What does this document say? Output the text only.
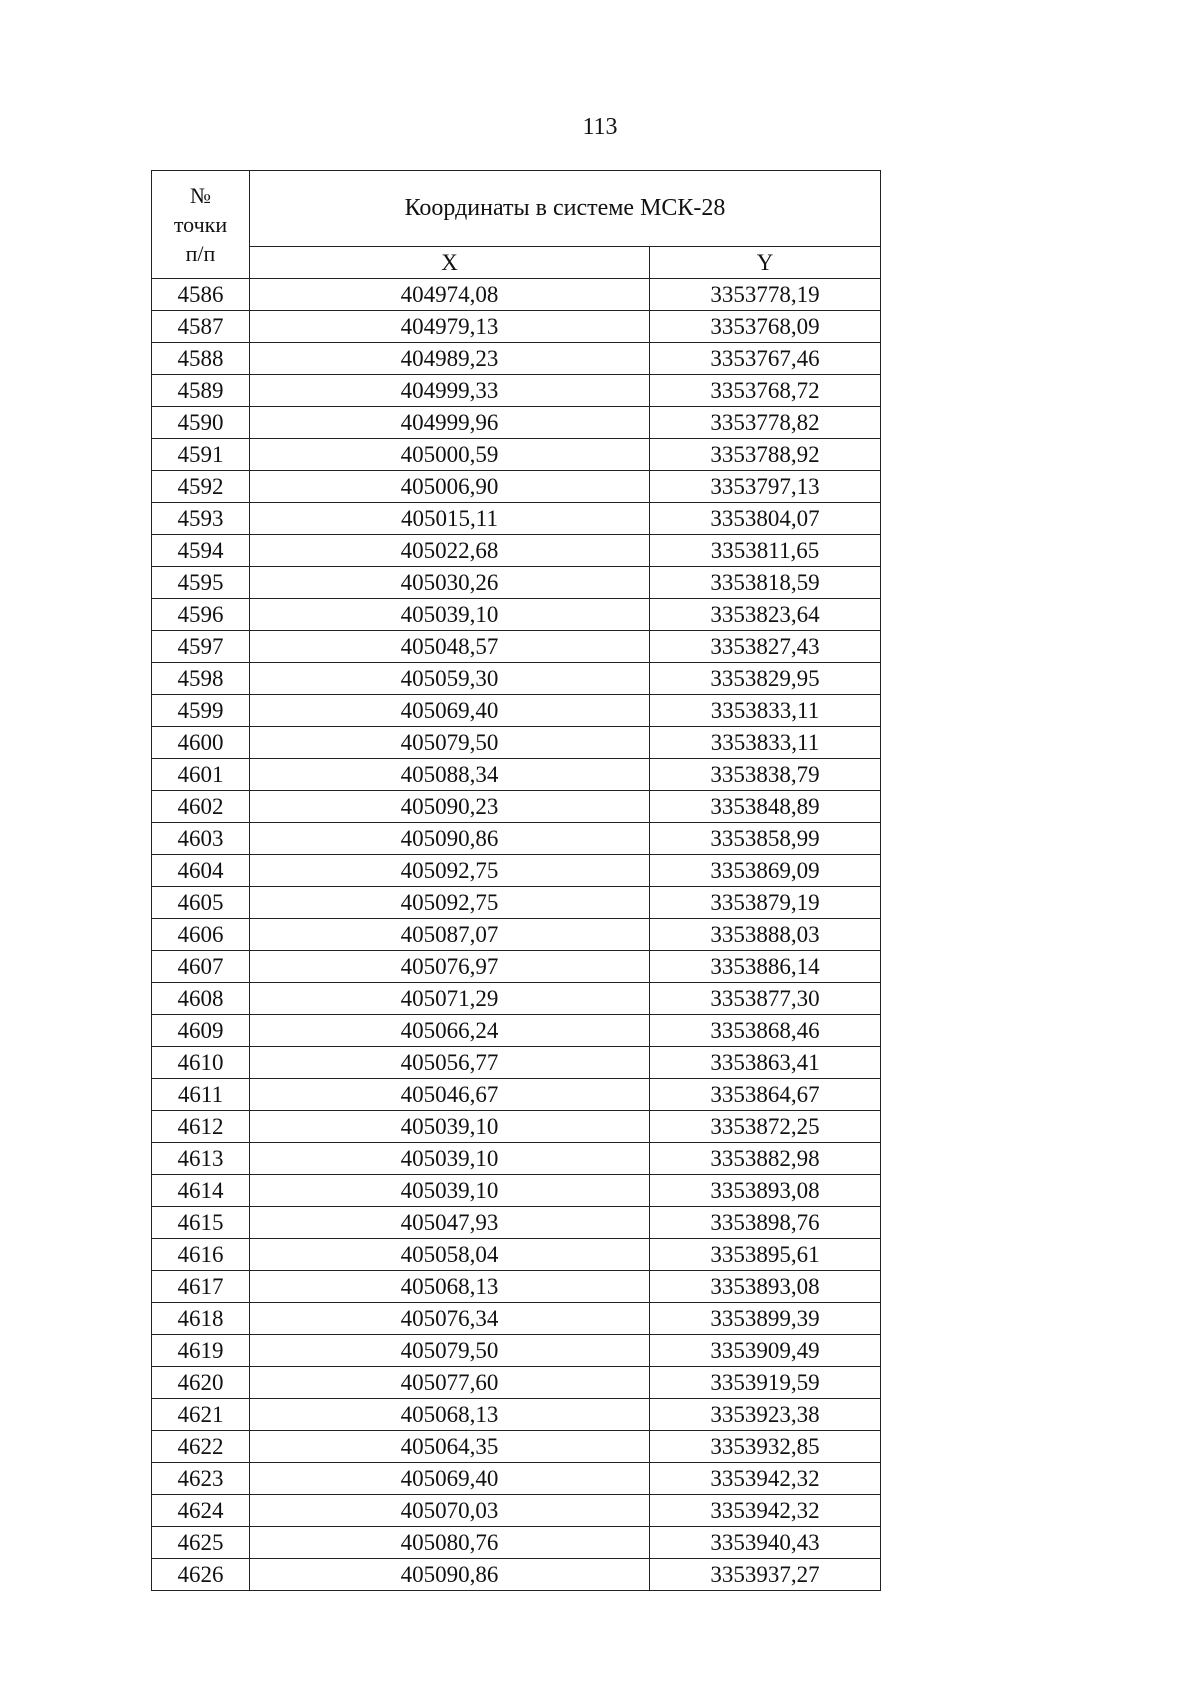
113
№
точки
п/п	Координаты в системе МСК-28	
	X	Y
4586	404974,08	3353778,19
4587	404979,13	3353768,09
4588	404989,23	3353767,46
4589	404999,33	3353768,72
4590	404999,96	3353778,82
4591	405000,59	3353788,92
4592	405006,90	3353797,13
4593	405015,11	3353804,07
4594	405022,68	3353811,65
4595	405030,26	3353818,59
4596	405039,10	3353823,64
4597	405048,57	3353827,43
4598	405059,30	3353829,95
4599	405069,40	3353833,11
4600	405079,50	3353833,11
4601	405088,34	3353838,79
4602	405090,23	3353848,89
4603	405090,86	3353858,99
4604	405092,75	3353869,09
4605	405092,75	3353879,19
4606	405087,07	3353888,03
4607	405076,97	3353886,14
4608	405071,29	3353877,30
4609	405066,24	3353868,46
4610	405056,77	3353863,41
4611	405046,67	3353864,67
4612	405039,10	3353872,25
4613	405039,10	3353882,98
4614	405039,10	3353893,08
4615	405047,93	3353898,76
4616	405058,04	3353895,61
4617	405068,13	3353893,08
4618	405076,34	3353899,39
4619	405079,50	3353909,49
4620	405077,60	3353919,59
4621	405068,13	3353923,38
4622	405064,35	3353932,85
4623	405069,40	3353942,32
4624	405070,03	3353942,32
4625	405080,76	3353940,43
4626	405090,86	3353937,27
